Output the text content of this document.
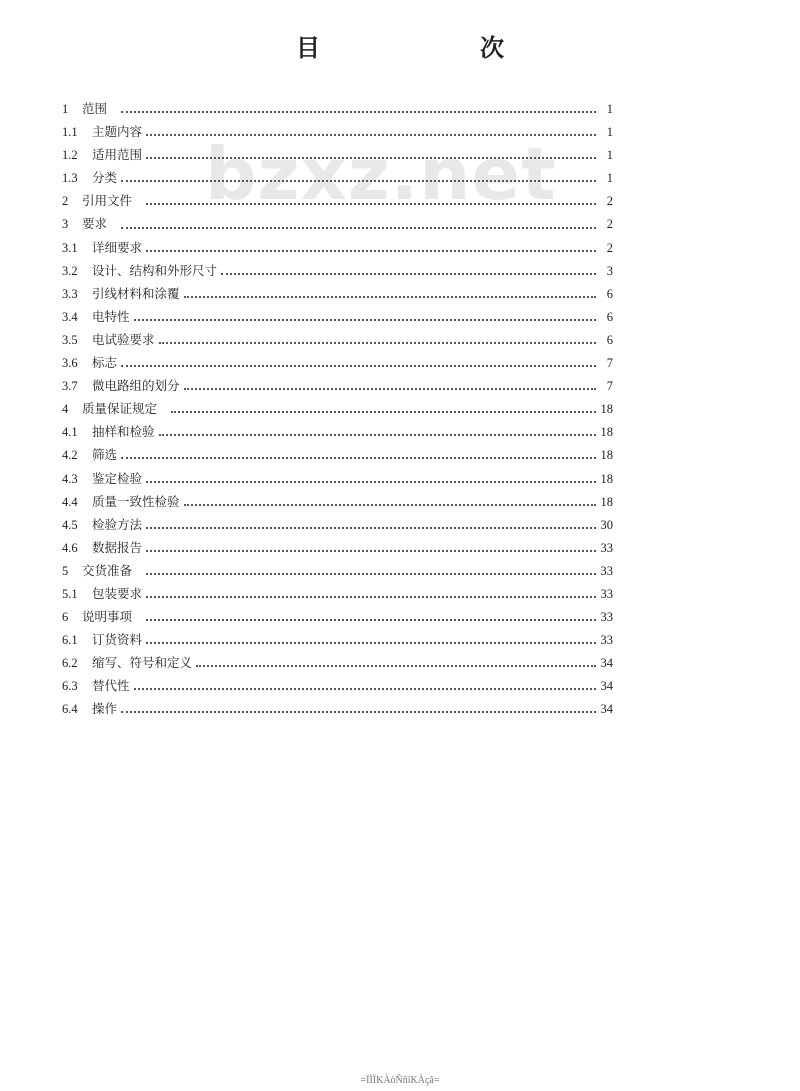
目　次
bzxz.net
1	范围	1
1.1	主题内容	1
1.2	适用范围	1
1.3	分类	1
2	引用文件	2
3	要求	2
3.1	详细要求	2
3.2	设计、结构和外形尺寸	3
3.3	引线材料和涂覆	6
3.4	电特性	6
3.5	电试验要求	6
3.6	标志	7
3.7	微电路组的划分	7
4	质量保证规定	18
4.1	抽样和检验	18
4.2	筛选	18
4.3	鉴定检验	18
4.4	质量一致性检验	18
4.5	检验方法	30
4.6	数据报告	33
5	交货准备	33
5.1	包装要求	33
6	说明事项	33
6.1	订货资料	33
6.2	缩写、符号和定义	34
6.3	替代性	34
6.4	操作	34
=ÏÏÏKÀòÑñïKÀçã=
